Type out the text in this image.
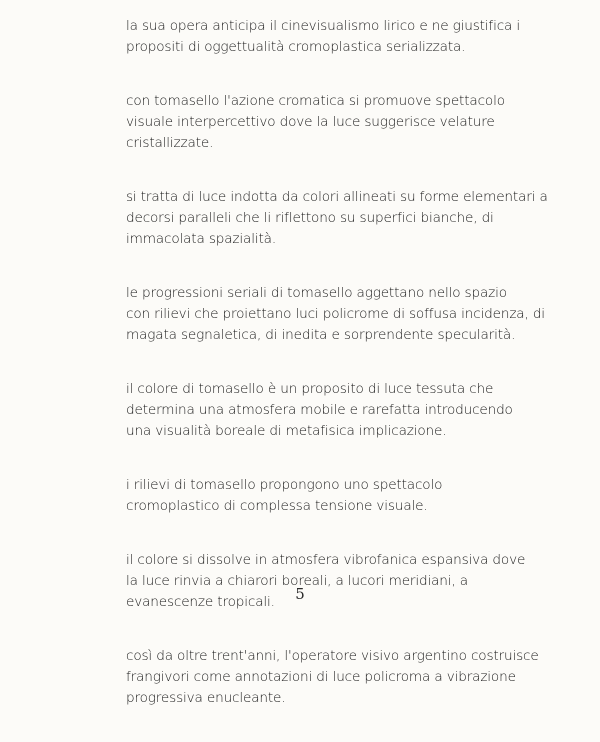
la sua opera anticipa il cinevisualismo lirico e ne giustifica i
propositi di oggettualità cromoplastica serializzata.

con tomasello l'azione cromatica si promuove spettacolo
visuale interpercettivo dove la luce suggerisce velature
cristallizzate.

si tratta di luce indotta da colori allineati su forme elementari a
decorsi paralleli che li riflettono su superfici bianche, di
immacolata spazialità.

le progressioni seriali di tomasello aggettano nello spazio
con rilievi che proiettano luci policrome di soffusa incidenza, di
magata segnaletica, di inedita e sorprendente specularità.

il colore di tomasello è un proposito di luce tessuta che
determina una atmosfera mobile e rarefatta introducendo
una visualità boreale di metafisica implicazione.

i rilievi di tomasello propongono uno spettacolo
cromoplastico di complessa tensione visuale.

il colore si dissolve in atmosfera vibrofanica espansiva dove
la luce rinvia a chiarori boreali, a lucori meridiani, a
evanescenze tropicali.

così da oltre trent'anni, l'operatore visivo argentino costruisce
frangivori come annotazioni di luce policroma a vibrazione
progressiva enucleante.

5
